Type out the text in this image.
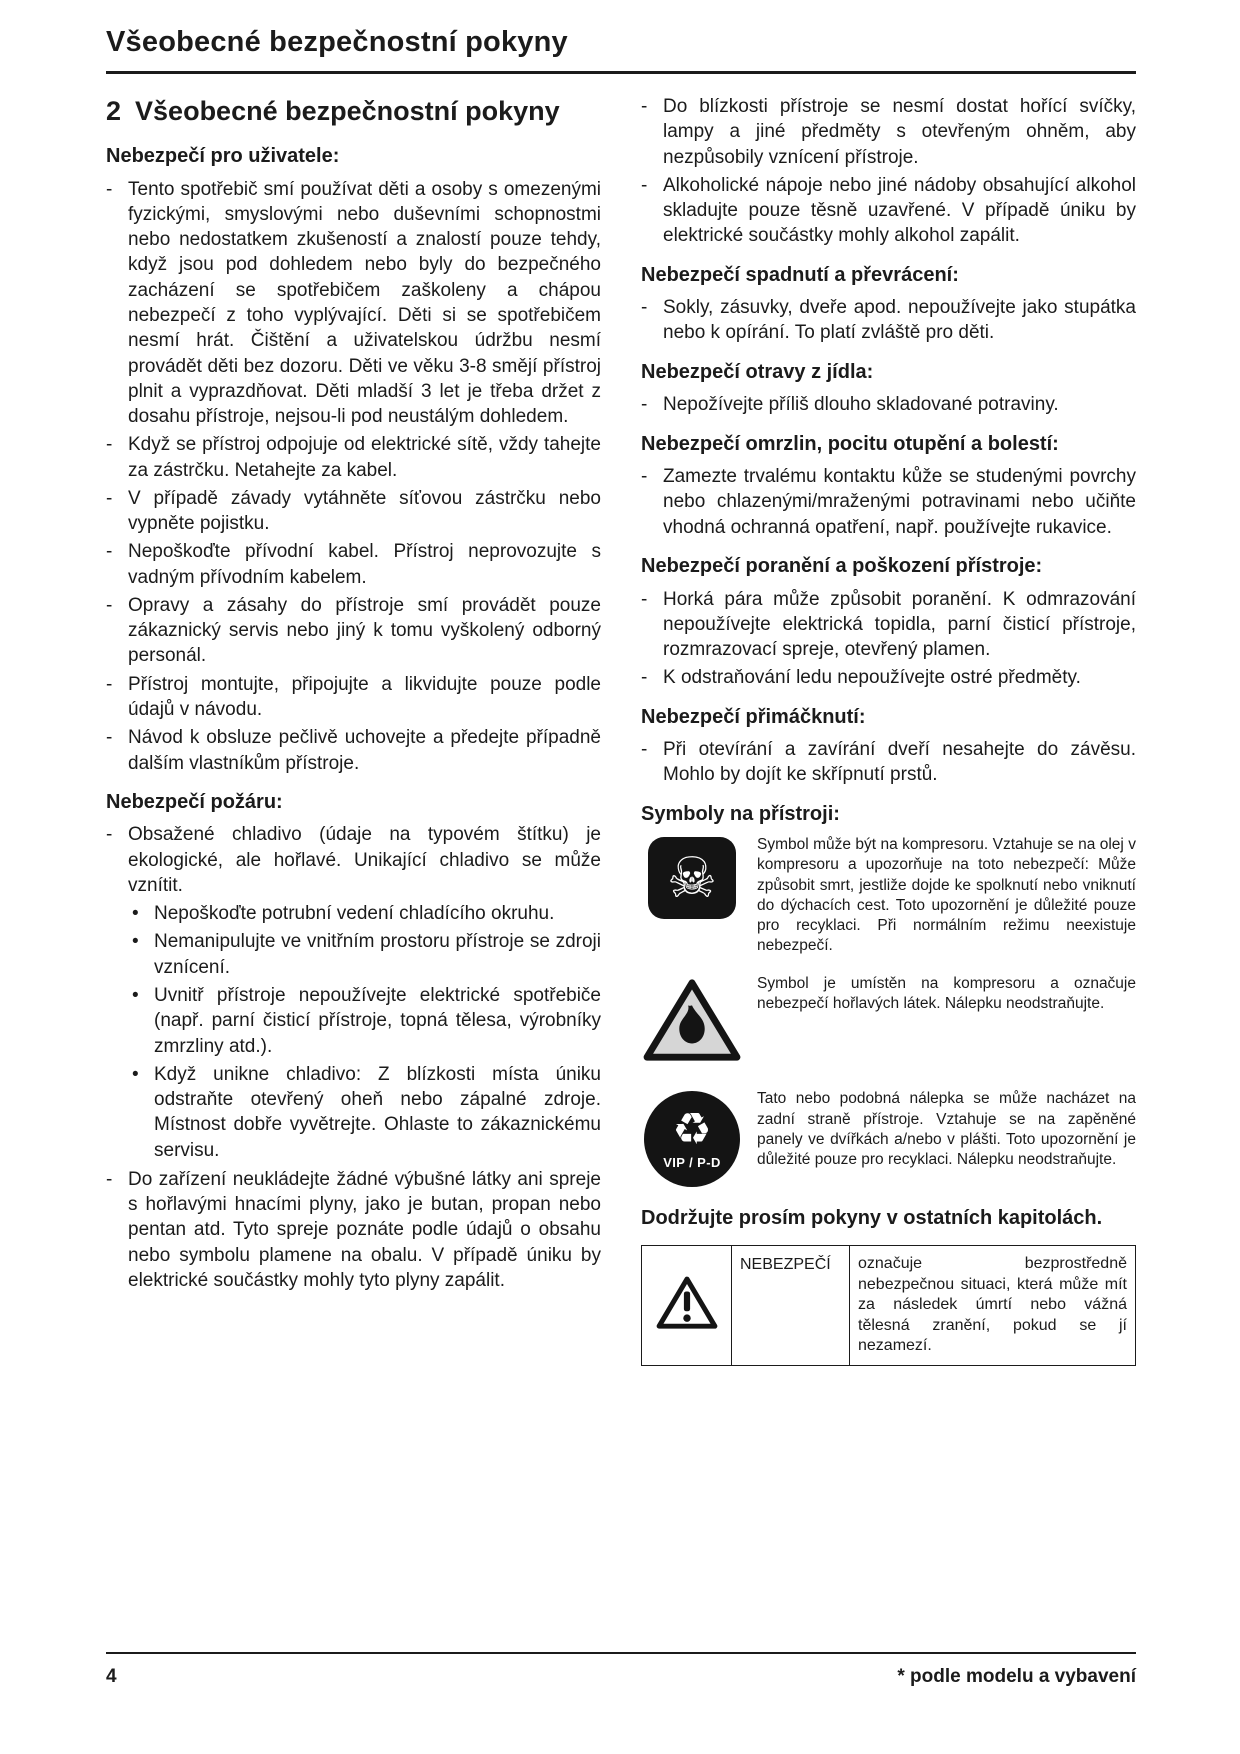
Všeobecné bezpečnostní pokyny
2 Všeobecné bezpečnostní pokyny
Nebezpečí pro uživatele:
- Tento spotřebič smí používat děti a osoby s omezenými fyzickými, smyslovými nebo duševními schopnostmi nebo nedostatkem zkušeností a znalostí pouze tehdy, když jsou pod dohledem nebo byly do bezpečného zacházení se spotřebičem zaškoleny a chápou nebezpečí z toho vyplývající. Děti si se spotřebičem nesmí hrát. Čištění a uživatelskou údržbu nesmí provádět děti bez dozoru. Děti ve věku 3-8 smějí přístroj plnit a vyprazdňovat. Děti mladší 3 let je třeba držet z dosahu přístroje, nejsou-li pod neustálým dohledem.

- Když se přístroj odpojuje od elektrické sítě, vždy tahejte za zástrčku. Netahejte za kabel.

- V případě závady vytáhněte síťovou zástrčku nebo vypněte pojistku.

- Nepoškoďte přívodní kabel. Přístroj neprovozujte s vadným přívodním kabelem.

- Opravy a zásahy do přístroje smí provádět pouze zákaznický servis nebo jiný k tomu vyškolený odborný personál.

- Přístroj montujte, připojujte a likvidujte pouze podle údajů v návodu.

- Návod k obsluze pečlivě uchovejte a předejte případně dalším vlastníkům přístroje.

Nebezpečí požáru:
- Obsažené chladivo (údaje na typovém štítku) je ekologické, ale hořlavé. Unikající chladivo se může vznítit.

• Nepoškoďte potrubní vedení chladícího okruhu.

• Nemanipulujte ve vnitřním prostoru přístroje se zdroji vznícení.

• Uvnitř přístroje nepoužívejte elektrické spotřebiče (např. parní čisticí přístroje, topná tělesa, výrobníky zmrzliny atd.).

• Když unikne chladivo: Z blízkosti místa úniku odstraňte otevřený oheň nebo zápalné zdroje. Místnost dobře vyvětrejte. Ohlaste to zákaznickému servisu.

- Do zařízení neukládejte žádné výbušné látky ani spreje s hořlavými hnacími plyny, jako je butan, propan nebo pentan atd. Tyto spreje poznáte podle údajů o obsahu nebo symbolu plamene na obalu. V případě úniku by elektrické součástky mohly tyto plyny zapálit.

- Do blízkosti přístroje se nesmí dostat hořící svíčky, lampy a jiné předměty s otevřeným ohněm, aby nezpůsobily vznícení přístroje.

- Alkoholické nápoje nebo jiné nádoby obsahující alkohol skladujte pouze těsně uzavřené. V případě úniku by elektrické součástky mohly alkohol zapálit.

Nebezpečí spadnutí a převrácení:
- Sokly, zásuvky, dveře apod. nepoužívejte jako stupátka nebo k opírání. To platí zvláště pro děti.

Nebezpečí otravy z jídla:
- Nepožívejte příliš dlouho skladované potraviny.

Nebezpečí omrzlin, pocitu otupění a bolestí:
- Zamezte trvalému kontaktu kůže se studenými povrchy nebo chlazenými/mraženými potravinami nebo učiňte vhodná ochranná opatření, např. používejte rukavice.

Nebezpečí poranění a poškození přístroje:
- Horká pára může způsobit poranění. K odmrazování nepoužívejte elektrická topidla, parní čisticí přístroje, rozmrazovací spreje, otevřený plamen.

- K odstraňování ledu nepoužívejte ostré předměty.

Nebezpečí přimáčknutí:
- Při otevírání a zavírání dveří nesahejte do závěsu. Mohlo by dojít ke skřípnutí prstů.

Symboly na přístroji:
☠

Symbol může být na kompresoru. Vztahuje se na olej v kompresoru a upozorňuje na toto nebezpečí: Může způsobit smrt, jestliže dojde ke spolknutí nebo vniknutí do dýchacích cest. Toto upozornění je důležité pouze pro recyklaci. Při normálním režimu neexistuje nebezpečí.

Symbol je umístěn na kompresoru a označuje nebezpečí hořlavých látek. Nálepku neodstraňujte.

♻
VIP / P-D

Tato nebo podobná nálepka se může nacházet na zadní straně přístroje. Vztahuje se na zapěněné panely ve dvířkách a/nebo v plášti. Toto upozornění je důležité pouze pro recyklaci. Nálepku neodstraňujte.

Dodržujte prosím pokyny v ostatních kapitolách.

	NEBEZPEČÍ	označuje bezprostředně nebezpečnou situaci, která může mít za následek úmrtí nebo vážná tělesná zranění, pokud se jí nezamezí.
4	* podle modelu a vybavení
